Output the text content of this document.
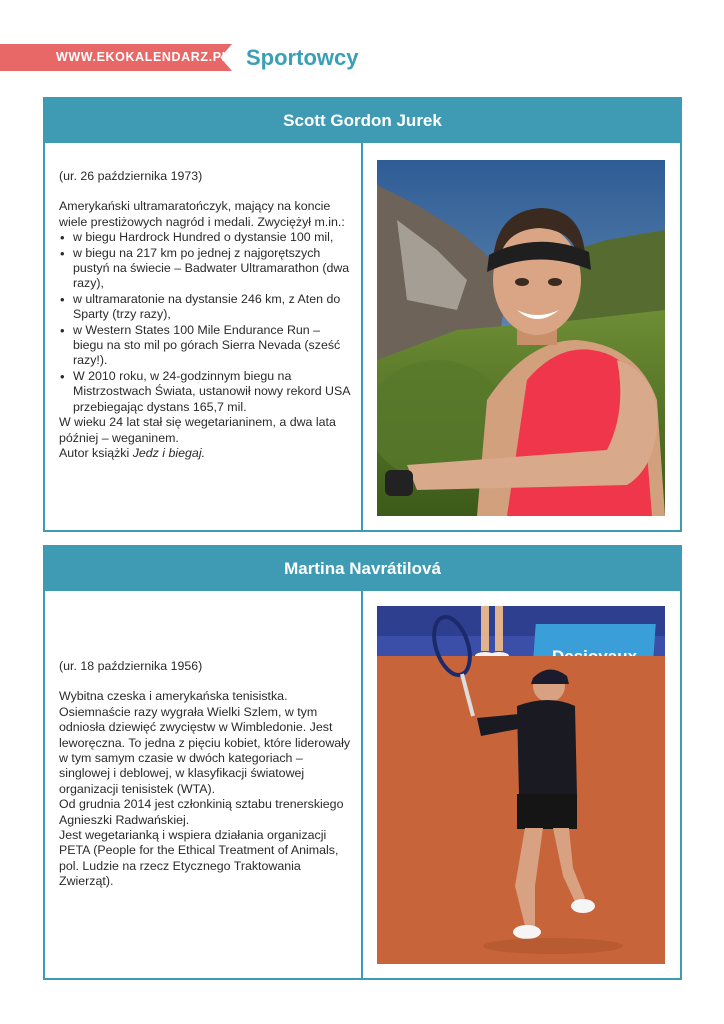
WWW.EKOKALENDARZ.PL Sportowcy
Scott Gordon Jurek

(ur. 26 października 1973)

Amerykański ultramaratończyk, mający na koncie wiele prestiżowych nagród i medali. Zwyciężył m.in.:

• w biegu Hardrock Hundred o dystansie 100 mil,
• w biegu na 217 km po jednej z najgorętszych pustyń na świecie – Badwater Ultramarathon (dwa razy),
• w ultramaratonie na dystansie 246 km, z Aten do Sparty (trzy razy),
• w Western States 100 Mile Endurance Run – biegu na sto mil po górach Sierra Nevada (sześć razy!).
• W 2010 roku, w 24-godzinnym biegu na Mistrzostwach Świata, ustanowił nowy rekord USA przebiegając dystans 165,7 mil.

W wieku 24 lat stał się wegetarianinem, a dwa lata później – weganinem.

Autor książki Jedz i biegaj.

Martina Navrátilová

(ur. 18 października 1956)

Wybitna czeska i amerykańska tenisistka. Osiemnaście razy wygrała Wielki Szlem, w tym odniosła dziewięć zwycięstw w Wimbledonie. Jest leworęczna. To jedna z pięciu kobiet, które liderowały w tym samym czasie w dwóch kategoriach – singlowej i deblowej, w klasyfikacji światowej organizacji tenisistek (WTA).

Od grudnia 2014 jest członkinią sztabu trenerskiego Agnieszki Radwańskiej.

Jest wegetarianką i wspiera działania organizacji PETA (People for the Ethical Treatment of Animals, pol. Ludzie na rzecz Etycznego Traktowania Zwierząt).
